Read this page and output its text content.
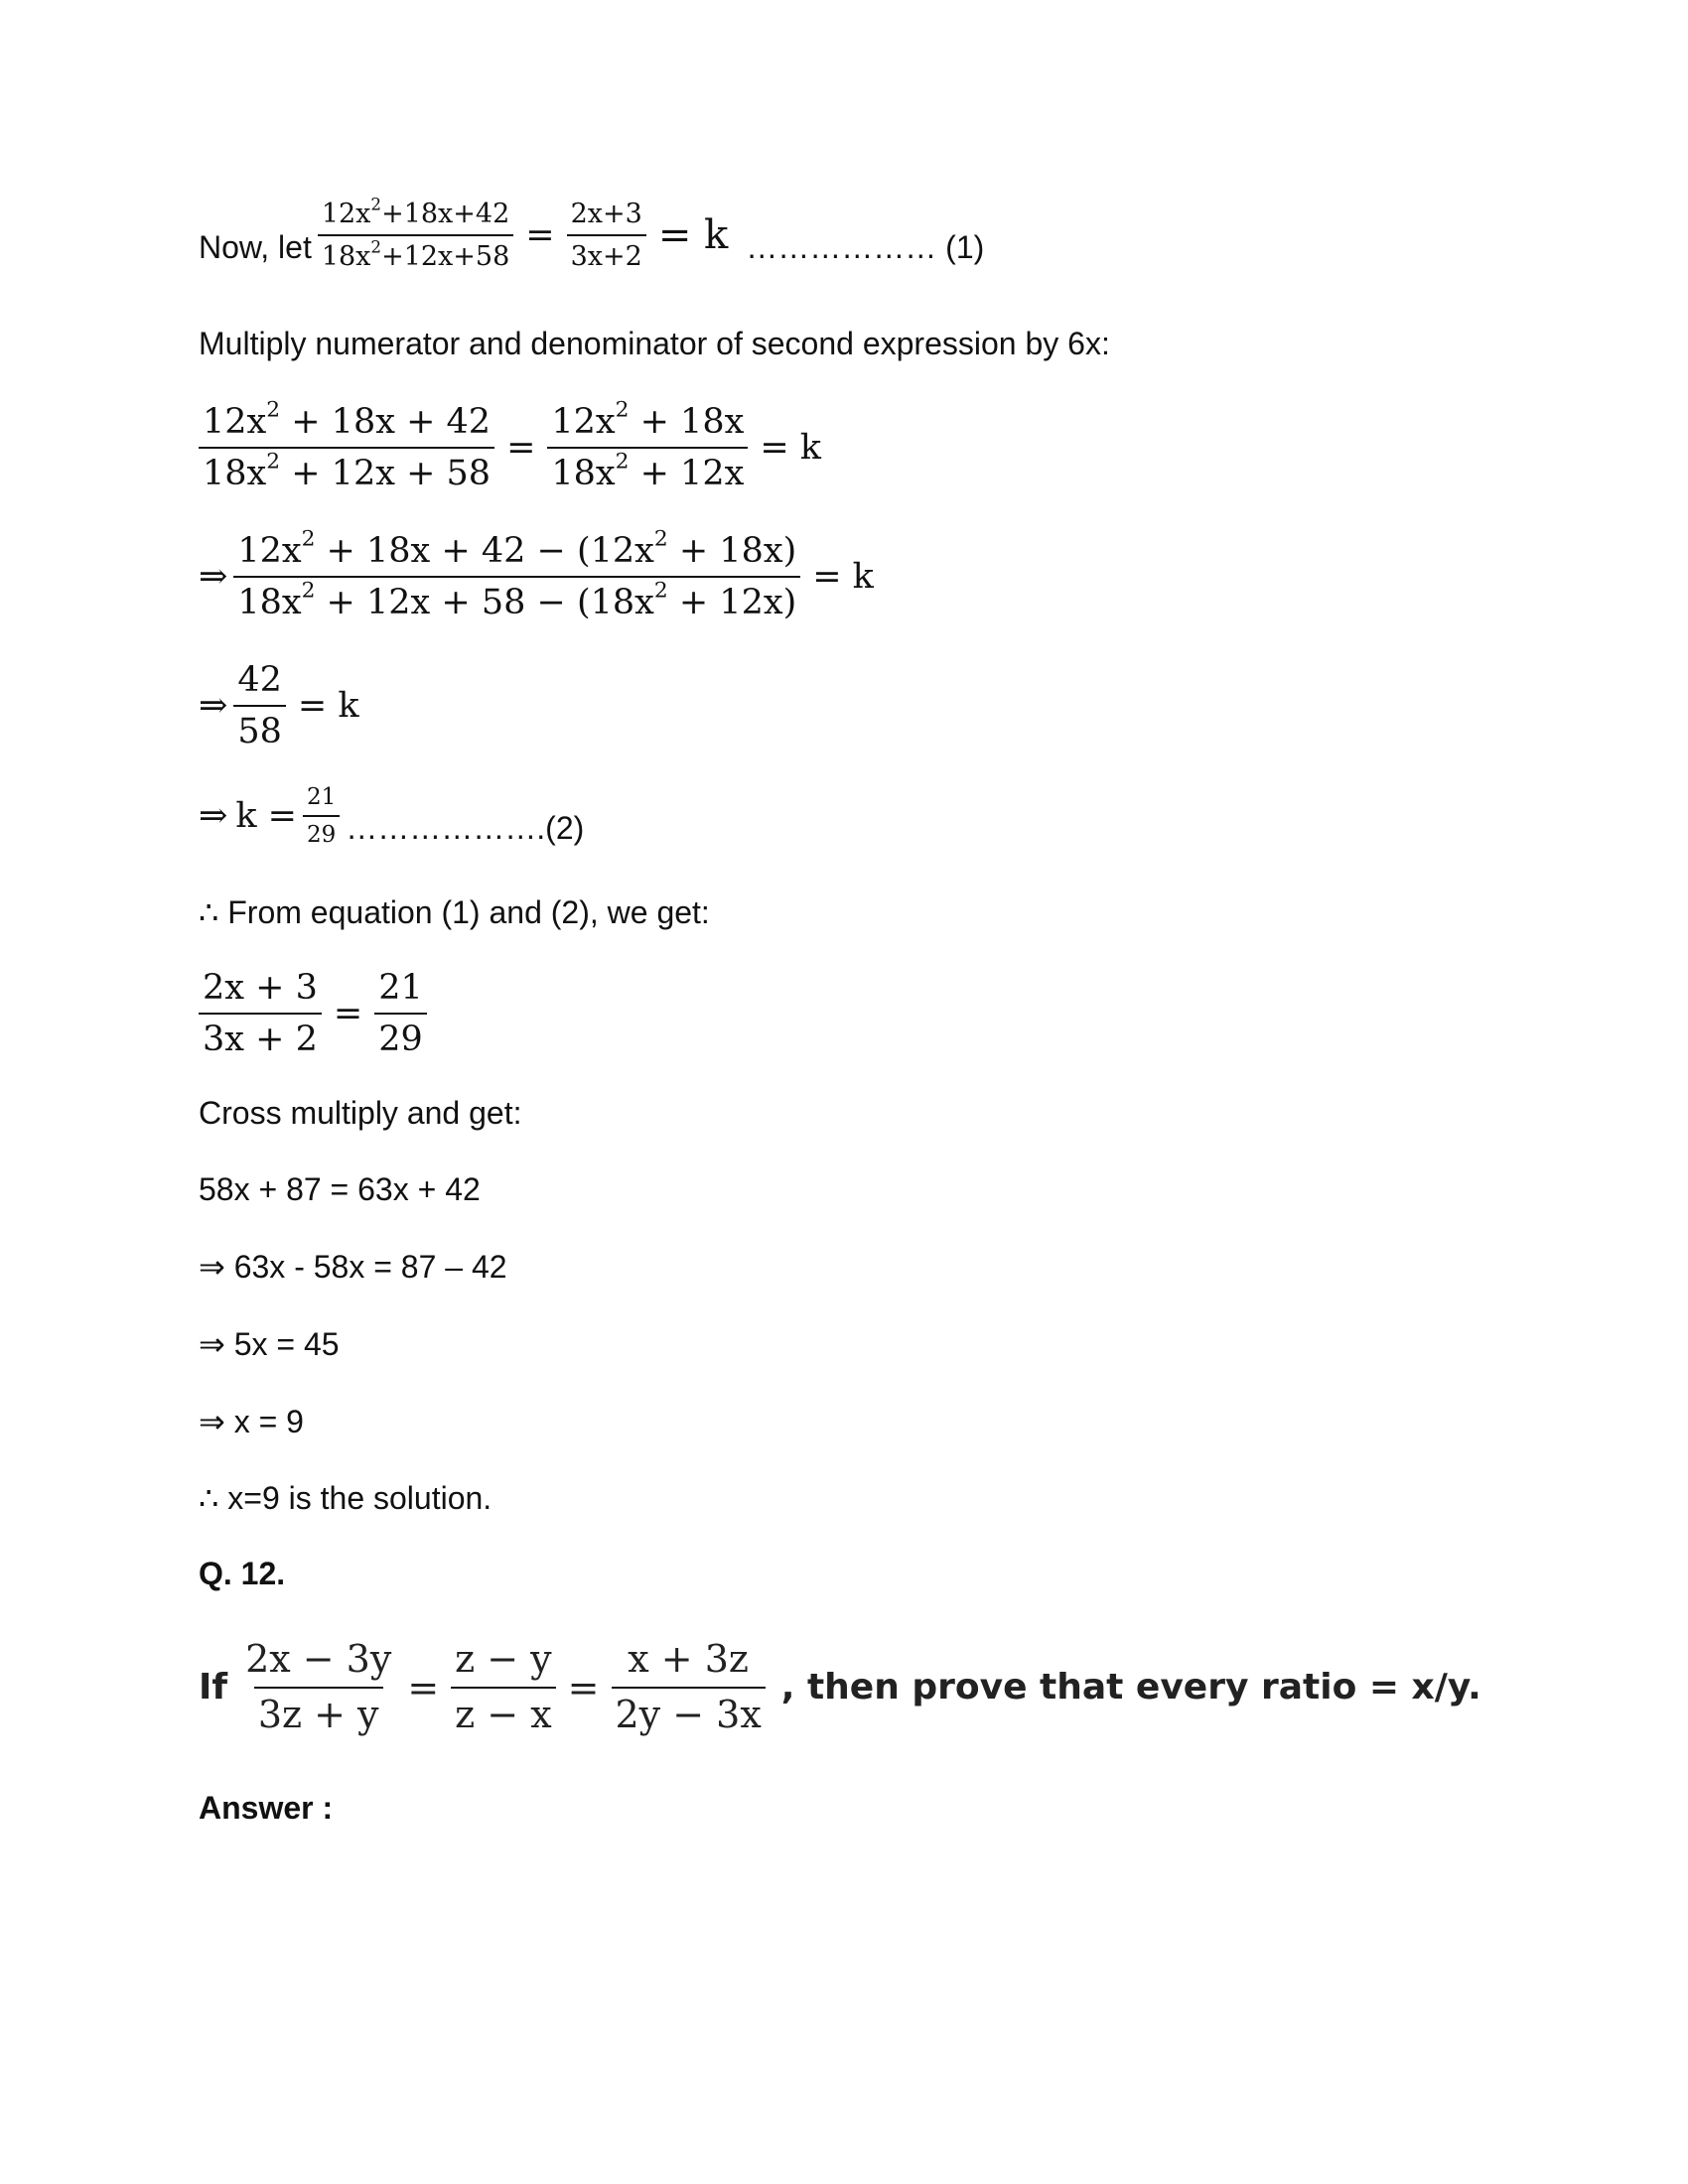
Now, let $\frac{12x^2+18x+42}{18x^2+12x+58} = \frac{2x+3}{3x+2} = k$ ……………… (1)
Multiply numerator and denominator of second expression by 6x:
$\frac{12x^2 + 18x + 42}{18x^2 + 12x + 58} = \frac{12x^2 + 18x}{18x^2 + 12x} = k$
⇒ $\frac{12x^2 + 18x + 42 - (12x^2 + 18x)}{18x^2 + 12x + 58 - (18x^2 + 12x)} = k$
⇒ $\frac{42}{58} = k$
⇒ $k = \frac{21}{29}$ ……………….(2)
∴ From equation (1) and (2), we get:
$\frac{2x + 3}{3x + 2} = \frac{21}{29}$
Cross multiply and get:
58x + 87 = 63x + 42
⇒ 63x - 58x = 87 – 42
⇒ 5x = 45
⇒ x = 9
∴ x=9 is the solution.
Q. 12.
If $\frac{2x - 3y}{3z + y} = \frac{z - y}{z - x} = \frac{x + 3z}{2y - 3x}$ , then prove that every ratio = x/y.
Answer :
